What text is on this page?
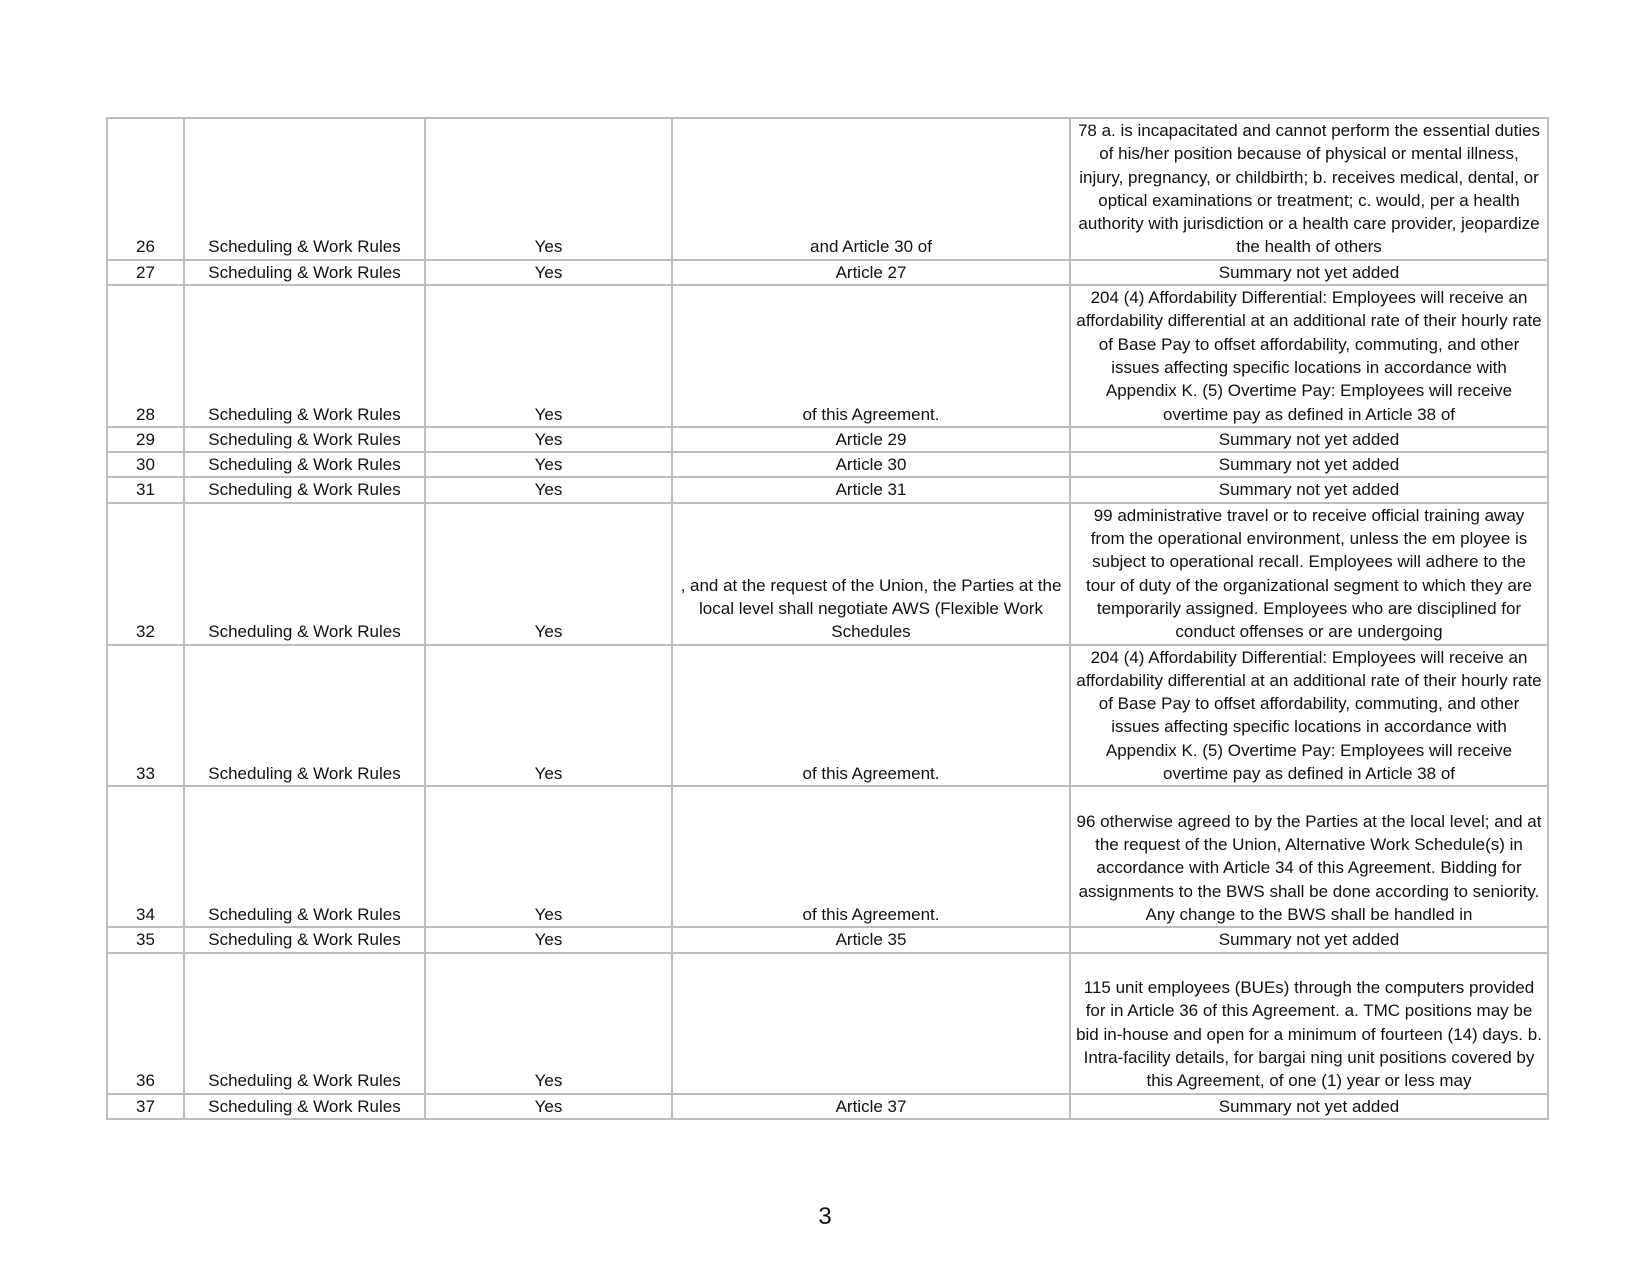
26	Scheduling & Work Rules	Yes	and Article 30 of	78 a. is incapacitated and cannot perform the essential duties of his/her position because of physical or mental illness, injury, pregnancy, or childbirth; b. receives medical, dental, or optical examinations or treatment; c. would, per a health authority with jurisdiction or a health care provider, jeopardize the health of others
27	Scheduling & Work Rules	Yes	Article 27	Summary not yet added
28	Scheduling & Work Rules	Yes	of this Agreement.	204 (4) Affordability Differential: Employees will receive an affordability differential at an additional rate of their hourly rate of Base Pay to offset affordability, commuting, and other issues affecting specific locations in accordance with Appendix K. (5) Overtime Pay: Employees will receive overtime pay as defined in Article 38 of
29	Scheduling & Work Rules	Yes	Article 29	Summary not yet added
30	Scheduling & Work Rules	Yes	Article 30	Summary not yet added
31	Scheduling & Work Rules	Yes	Article 31	Summary not yet added
32	Scheduling & Work Rules	Yes	, and at the request of the Union, the Parties at the local level shall negotiate AWS (Flexible Work Schedules	99 administrative travel or to receive official training away from the operational environment, unless the em ployee is subject to operational recall. Employees will adhere to the tour of duty of the organizational segment to which they are temporarily assigned. Employees who are disciplined for conduct offenses or are undergoing
33	Scheduling & Work Rules	Yes	of this Agreement.	204 (4) Affordability Differential: Employees will receive an affordability differential at an additional rate of their hourly rate of Base Pay to offset affordability, commuting, and other issues affecting specific locations in accordance with Appendix K. (5) Overtime Pay: Employees will receive overtime pay as defined in Article 38 of
34	Scheduling & Work Rules	Yes	of this Agreement.	96 otherwise agreed to by the Parties at the local level; and at the request of the Union, Alternative Work Schedule(s) in accordance with Article 34 of this Agreement. Bidding for assignments to the BWS shall be done according to seniority. Any change to the BWS shall be handled in
35	Scheduling & Work Rules	Yes	Article 35	Summary not yet added
36	Scheduling & Work Rules	Yes		115 unit employees (BUEs) through the computers provided for in Article 36 of this Agreement. a. TMC positions may be bid in-house and open for a minimum of fourteen (14) days. b. Intra-facility details, for bargai ning unit positions covered by this Agreement, of one (1) year or less may
37	Scheduling & Work Rules	Yes	Article 37	Summary not yet added
3
